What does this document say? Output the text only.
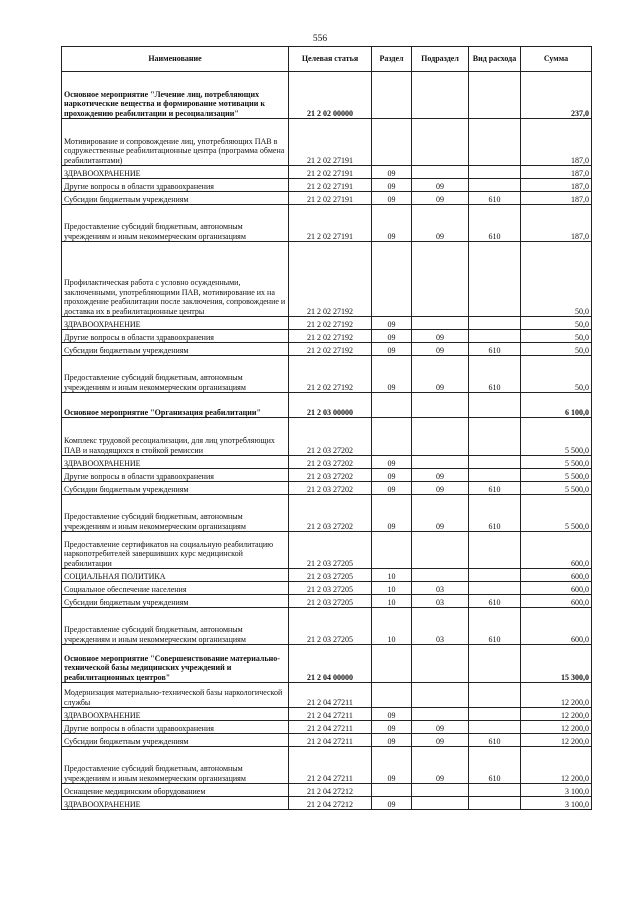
556
Наименование	Целевая статья	Раздел	Подраздел	Вид расхода	Сумма
Основное мероприятие "Лечение лиц, потребляющих наркотические вещества и формирование мотивации к прохождению реабилитации и ресоциализации"	21 2 02 00000				237,0
Мотивирование и сопровождение лиц, употребляющих ПАВ в содружественные реабилитационные центра (программа обмена реабилитантами)	21 2 02 27191				187,0
ЗДРАВООХРАНЕНИЕ	21 2 02 27191	09			187,0
Другие вопросы в области здравоохранения	21 2 02 27191	09	09		187,0
Субсидии бюджетным учреждениям	21 2 02 27191	09	09	610	187,0
Предоставление субсидий бюджетным, автономным учреждениям и иным некоммерческим организациям	21 2 02 27191	09	09	610	187,0
Профилактическая работа с условно осужденными, заключенными, употребляющими ПАВ, мотивирование их на прохождение реабилитации после заключения, сопровождение и доставка их в реабилитационные центры	21 2 02 27192				50,0
ЗДРАВООХРАНЕНИЕ	21 2 02 27192	09			50,0
Другие вопросы в области здравоохранения	21 2 02 27192	09	09		50,0
Субсидии бюджетным учреждениям	21 2 02 27192	09	09	610	50,0
Предоставление субсидий бюджетным, автономным учреждениям и иным некоммерческим организациям	21 2 02 27192	09	09	610	50,0
Основное мероприятие "Организация реабилитации"	21 2 03 00000				6 100,0
Комплекс трудовой ресоциализации, для лиц употребляющих ПАВ и находящихся в стойкой ремиссии	21 2 03 27202				5 500,0
ЗДРАВООХРАНЕНИЕ	21 2 03 27202	09			5 500,0
Другие вопросы в области здравоохранения	21 2 03 27202	09	09		5 500,0
Субсидии бюджетным учреждениям	21 2 03 27202	09	09	610	5 500,0
Предоставление субсидий бюджетным, автономным учреждениям и иным некоммерческим организациям	21 2 03 27202	09	09	610	5 500,0
Предоставление сертификатов на социальную реабилитацию наркопотребителей завершивших курс медицинской реабилитации	21 2 03 27205				600,0
СОЦИАЛЬНАЯ ПОЛИТИКА	21 2 03 27205	10			600,0
Социальное обеспечение населения	21 2 03 27205	10	03		600,0
Субсидии бюджетным учреждениям	21 2 03 27205	10	03	610	600,0
Предоставление субсидий бюджетным, автономным учреждениям и иным некоммерческим организациям	21 2 03 27205	10	03	610	600,0
Основное мероприятие "Совершенствование материально-технической базы медицинских учреждений и реабилитационных центров"	21 2 04 00000				15 300,0
Модернизация материально-технической базы наркологической службы	21 2 04 27211				12 200,0
ЗДРАВООХРАНЕНИЕ	21 2 04 27211	09			12 200,0
Другие вопросы в области здравоохранения	21 2 04 27211	09	09		12 200,0
Субсидии бюджетным учреждениям	21 2 04 27211	09	09	610	12 200,0
Предоставление субсидий бюджетным, автономным учреждениям и иным некоммерческим организациям	21 2 04 27211	09	09	610	12 200,0
Оснащение медицинским оборудованием	21 2 04 27212				3 100,0
ЗДРАВООХРАНЕНИЕ	21 2 04 27212	09			3 100,0
